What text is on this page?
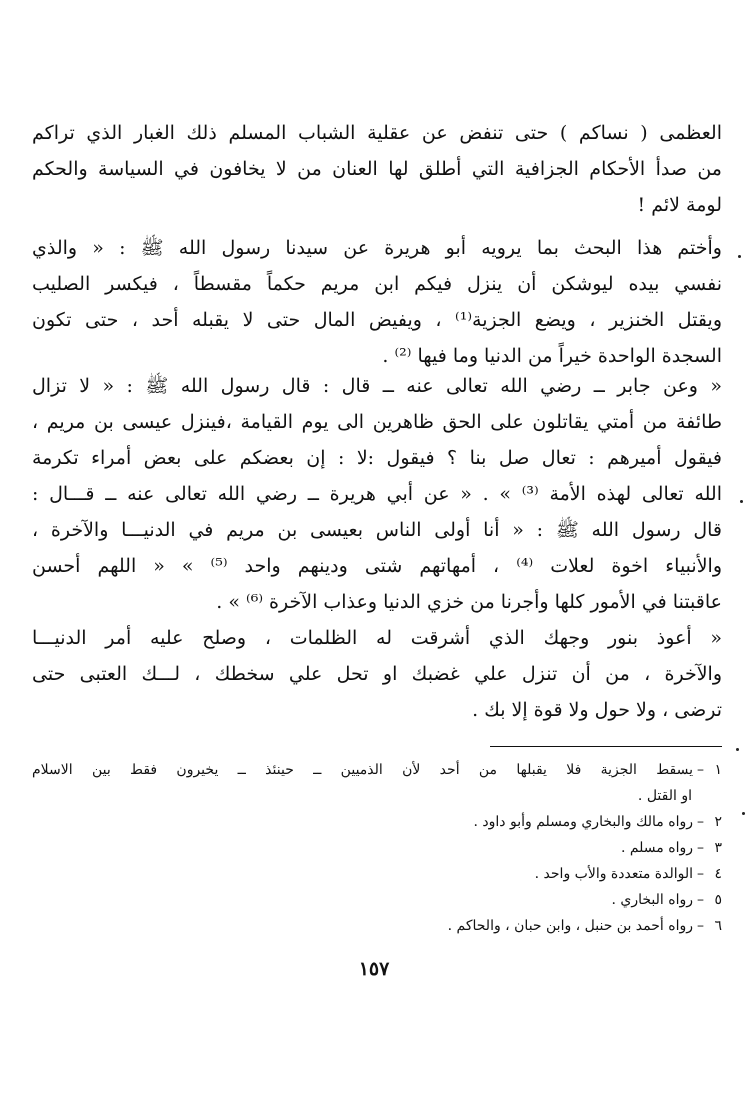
العظمى ( نساكم ) حتى تنفض عن عقلية الشباب المسلم ذلك الغبار الذي تراكم
من صدأ الأحكام الجزافية التي أطلق لها العنان من لا يخافون في السياسة والحكم
لومة لائم !
وأختم هذا البحث بما يرويه أبو هريرة عن سيدنا رسول الله ﷺ : « والذي
نفسي بيده ليوشكن أن ينزل فيكم ابن مريم حكماً مقسطاً ، فيكسر الصليب
ويقتل الخنزير ، ويضع الجزية⁽¹⁾ ، ويفيض المال حتى لا يقبله أحد ، حتى تكون
السجدة الواحدة خيراً من الدنيا وما فيها ⁽²⁾ .
« وعن جابر ــ رضي الله تعالى عنه ــ قال : قال رسول الله ﷺ : « لا تزال
طائفة من أمتي يقاتلون على الحق ظاهرين الى يوم القيامة ،فينزل عيسى بن مريم ،
فيقول أميرهم : تعال صل بنا ؟ فيقول :لا : إن بعضكم على بعض أمراء تكرمة
الله تعالى لهذه الأمة ⁽³⁾ » . « عن أبي هريرة ــ رضي الله تعالى عنه ــ قـــال :
قال رسول الله ﷺ : « أنا أولى الناس بعيسى بن مريم في الدنيـــا والآخرة ،
والأنبياء اخوة لعلات ⁽⁴⁾ ، أمهاتهم شتى ودينهم واحد ⁽⁵⁾ » « اللهم أحسن
عاقبتنا في الأمور كلها وأجرنا من خزي الدنيا وعذاب الآخرة ⁽⁶⁾ » .
« أعوذ بنور وجهك الذي أشرقت له الظلمات ، وصلح عليه أمر الدنيـــا
والآخرة ، من أن تنزل علي غضبك او تحل علي سخطك ، لـــك العتبى حتى
ترضى ، ولا حول ولا قوة إلا بك .
١–يسقط الجزية فلا يقبلها من أحد لأن الذميين ــ حينئذ ــ يخيرون فقط بين الاسلام
او القتل .
٢–رواه مالك والبخاري ومسلم وأبو داود .
٣–رواه مسلم .
٤–الوالدة متعددة والأب واحد .
٥–رواه البخاري .
٦–رواه أحمد بن حنبل ، وابن حبان ، والحاكم .
١٥٧
